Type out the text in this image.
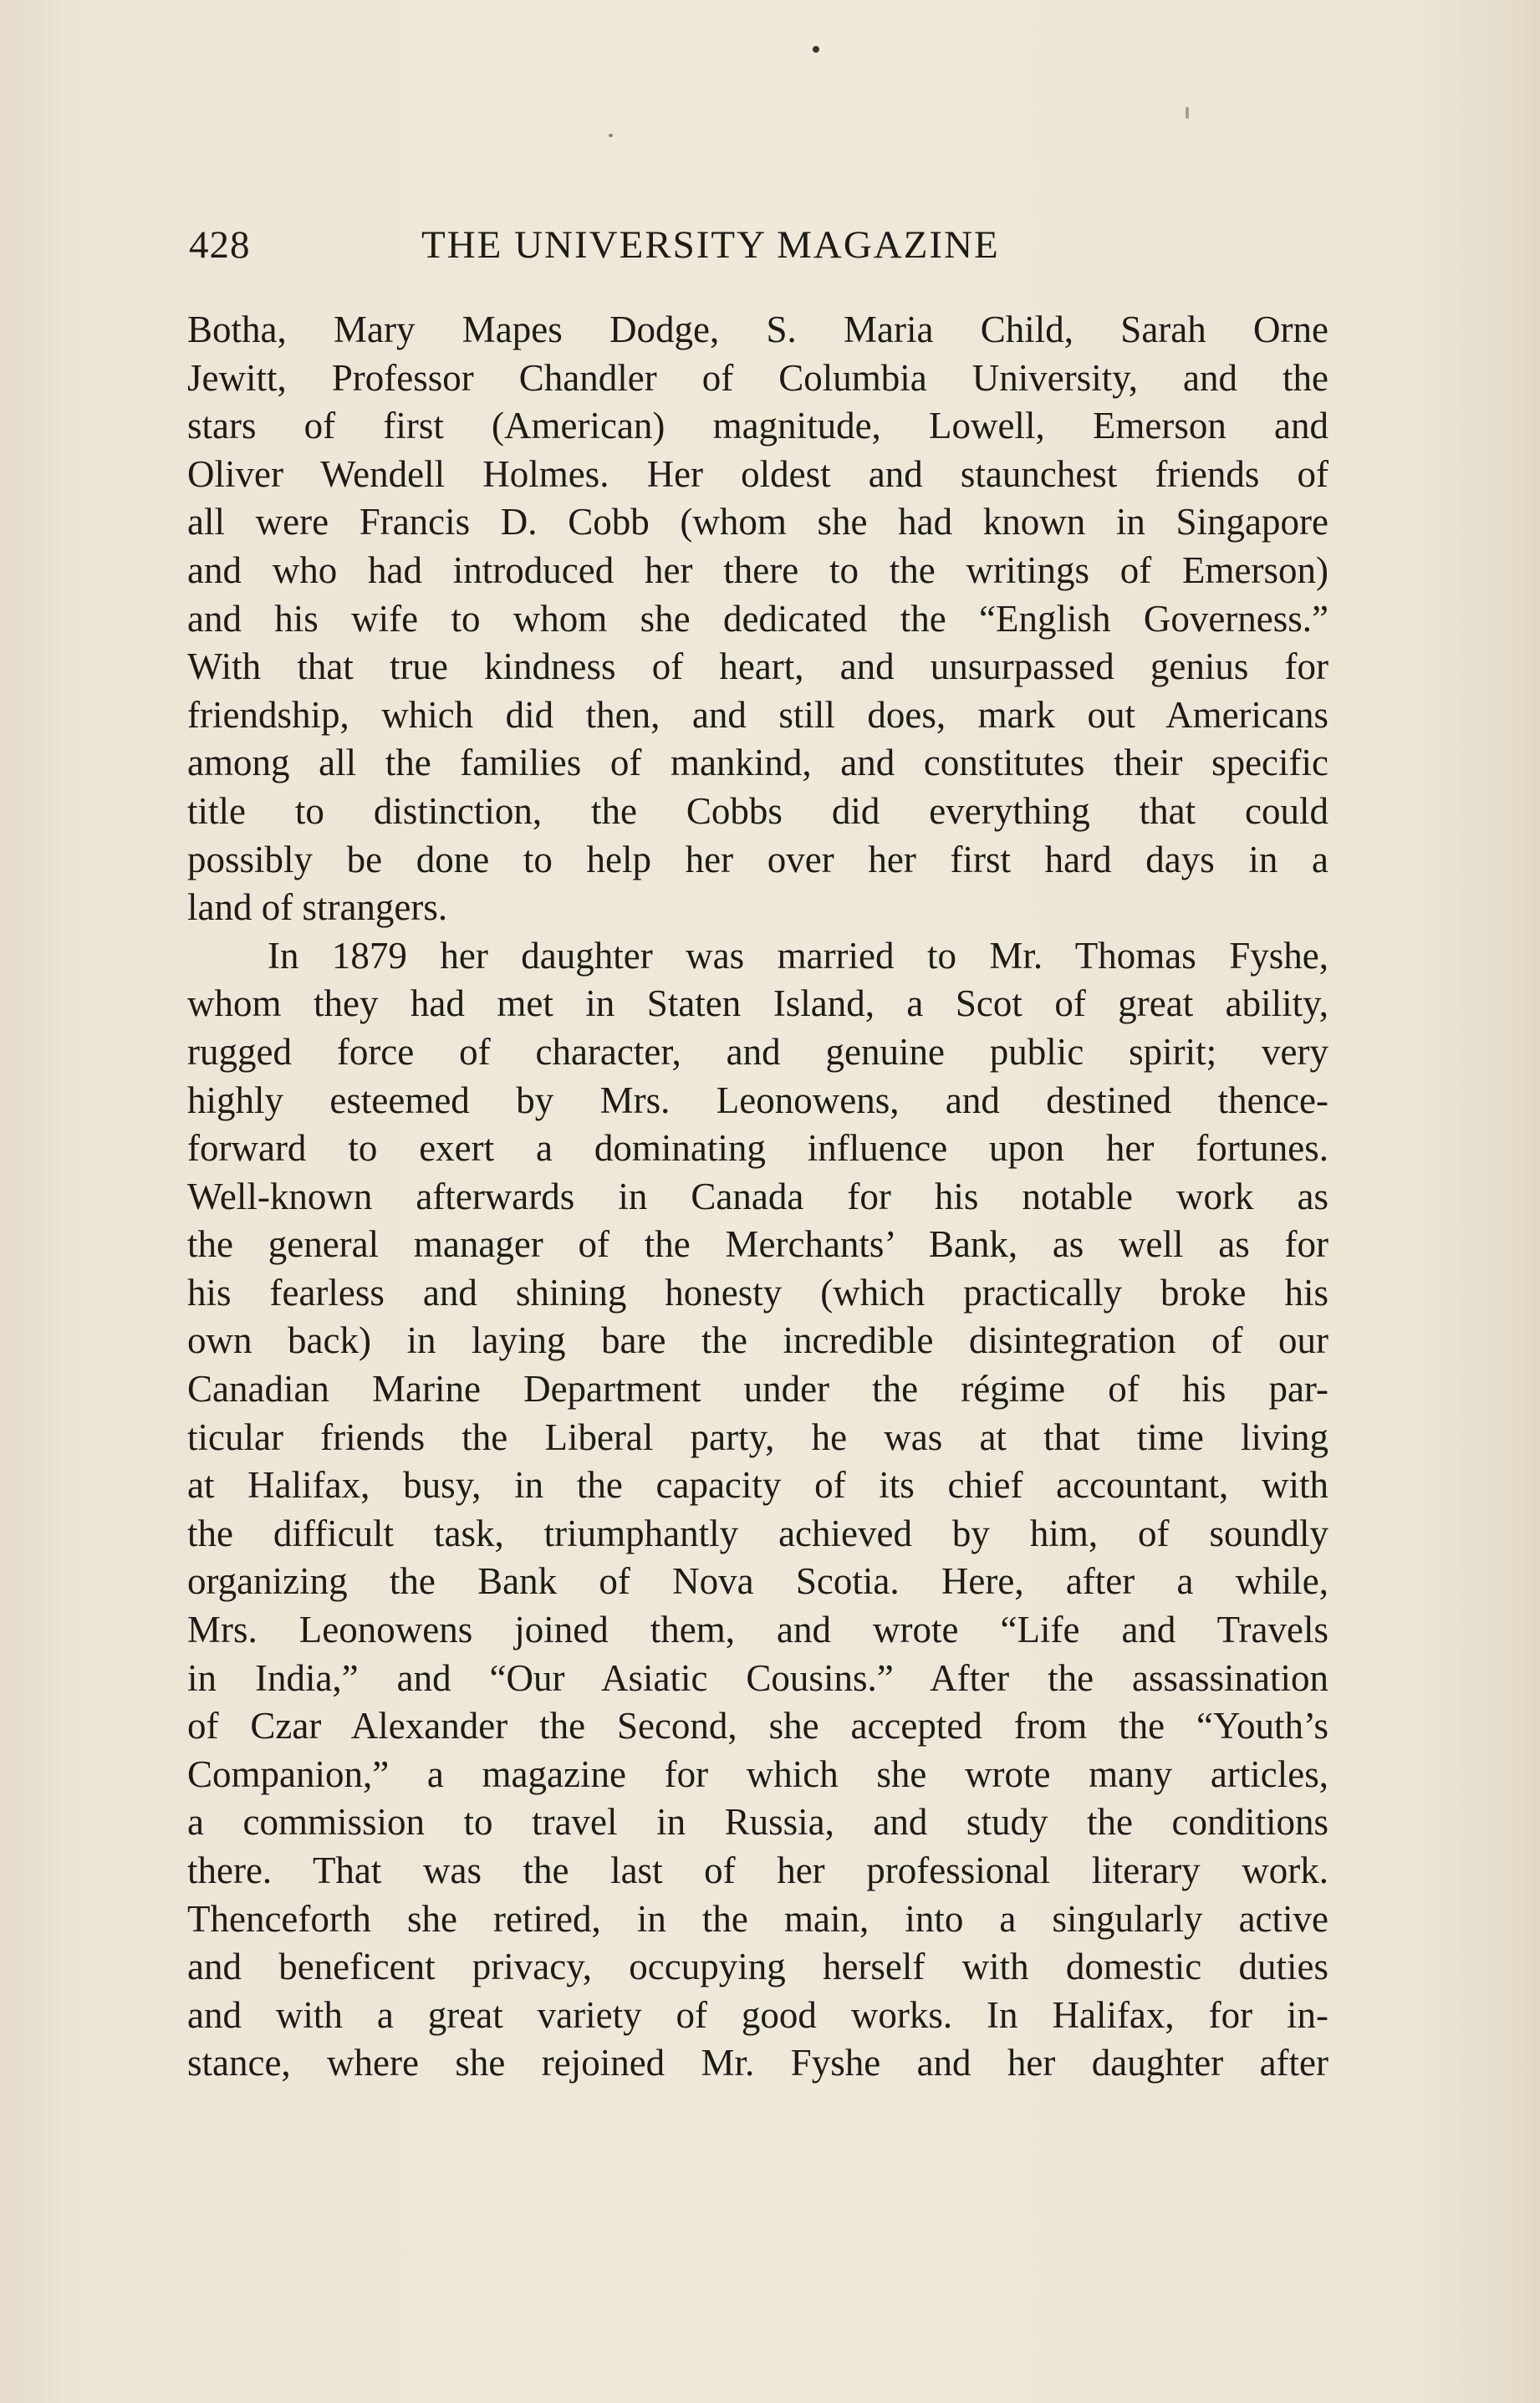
428	THE UNIVERSITY MAGAZINE
Botha, Mary Mapes Dodge, S. Maria Child, Sarah Orne
Jewitt, Professor Chandler of Columbia University, and the
stars of first (American) magnitude, Lowell, Emerson and
Oliver Wendell Holmes. Her oldest and staunchest friends of
all were Francis D. Cobb (whom she had known in Singapore
and who had introduced her there to the writings of Emerson)
and his wife to whom she dedicated the “English Governess.”
With that true kindness of heart, and unsurpassed genius for
friendship, which did then, and still does, mark out Americans
among all the families of mankind, and constitutes their specific
title to distinction, the Cobbs did everything that could
possibly be done to help her over her first hard days in a
land of strangers.
In 1879 her daughter was married to Mr. Thomas Fyshe,
whom they had met in Staten Island, a Scot of great ability,
rugged force of character, and genuine public spirit; very
highly esteemed by Mrs. Leonowens, and destined thence-
forward to exert a dominating influence upon her fortunes.
Well-known afterwards in Canada for his notable work as
the general manager of the Merchants’ Bank, as well as for
his fearless and shining honesty (which practically broke his
own back) in laying bare the incredible disintegration of our
Canadian Marine Department under the régime of his par-
ticular friends the Liberal party, he was at that time living
at Halifax, busy, in the capacity of its chief accountant, with
the difficult task, triumphantly achieved by him, of soundly
organizing the Bank of Nova Scotia. Here, after a while,
Mrs. Leonowens joined them, and wrote “Life and Travels
in India,” and “Our Asiatic Cousins.” After the assassination
of Czar Alexander the Second, she accepted from the “Youth’s
Companion,” a magazine for which she wrote many articles,
a commission to travel in Russia, and study the conditions
there. That was the last of her professional literary work.
Thenceforth she retired, in the main, into a singularly active
and beneficent privacy, occupying herself with domestic duties
and with a great variety of good works. In Halifax, for in-
stance, where she rejoined Mr. Fyshe and her daughter after
